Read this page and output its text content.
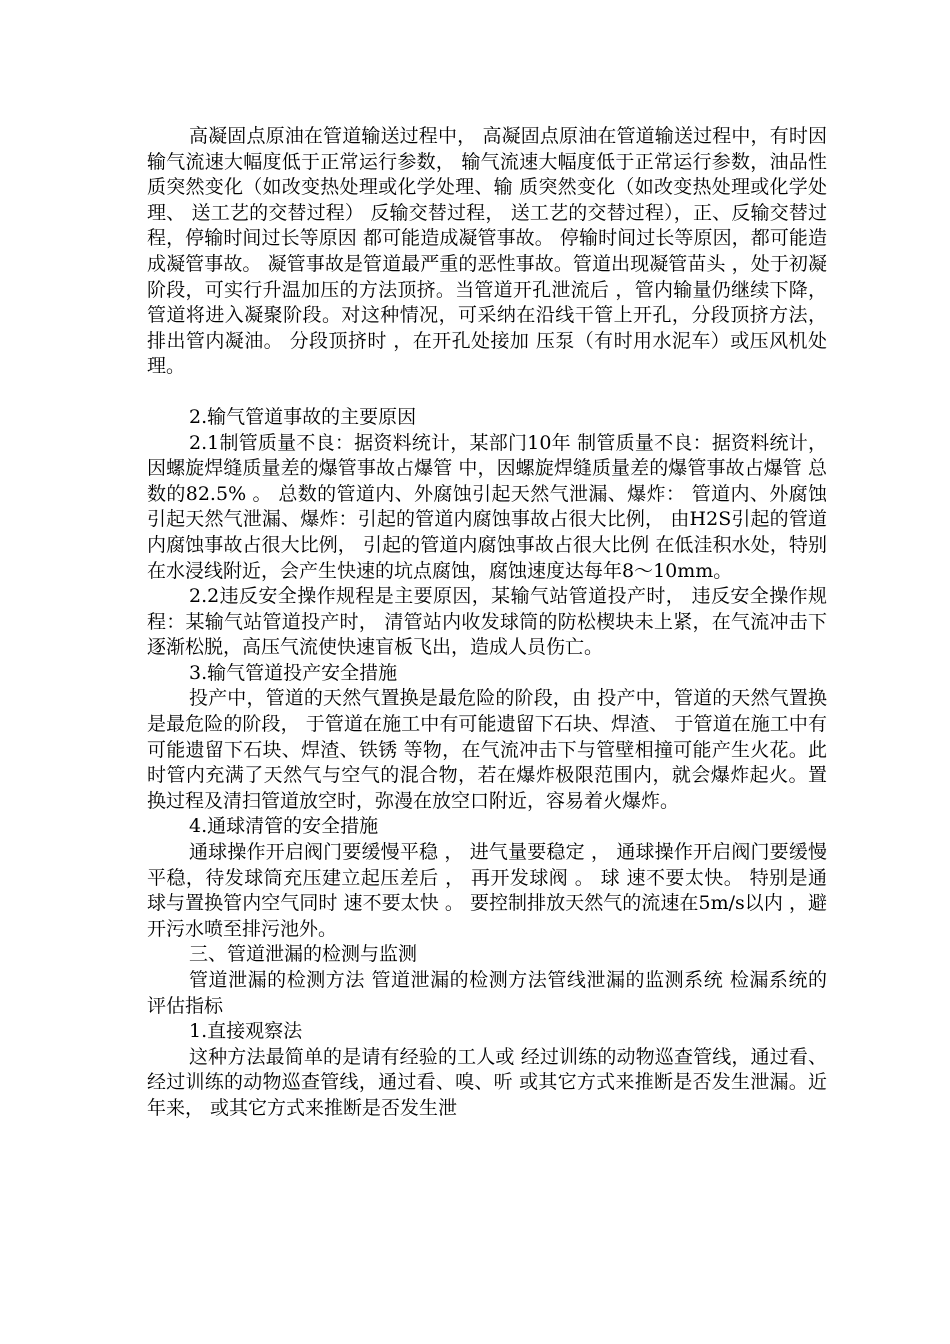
高凝固点原油在管道输送过程中， 高凝固点原油在管道输送过程中，有时因 输气流速大幅度低于正常运行参数， 输气流速大幅度低于正常运行参数，油品性 质突然变化（如改变热处理或化学处理、输 质突然变化（如改变热处理或化学处理、 送工艺的交替过程） 反输交替过程， 送工艺的交替过程），正、反输交替过程，停输时间过长等原因 都可能造成凝管事故。 停输时间过长等原因，都可能造成凝管事故。 凝管事故是管道最严重的恶性事故。管道出现凝管苗头 ，处于初凝阶段，可实行升温加压的方法顶挤。当管道开孔泄流后 ，管内输量仍继续下降，管道将进入凝聚阶段。对这种情况，可采纳在沿线干管上开孔，分段顶挤方法，排出管内凝油。 分段顶挤时 ，在开孔处接加 压泵（有时用水泥车）或压风机处理。

2.输气管道事故的主要原因

2.1制管质量不良：据资料统计，某部门10年 制管质量不良：据资料统计，因螺旋焊缝质量差的爆管事故占爆管 中，因螺旋焊缝质量差的爆管事故占爆管 总数的82.5% 。 总数的管道内、外腐蚀引起天然气泄漏、爆炸： 管道内、外腐蚀引起天然气泄漏、爆炸：引起的管道内腐蚀事故占很大比例， 由H2S引起的管道内腐蚀事故占很大比例， 引起的管道内腐蚀事故占很大比例 在低洼积水处，特别在水浸线附近，会产生快速的坑点腐蚀，腐蚀速度达每年8～10mm。

2.2违反安全操作规程是主要原因，某输气站管道投产时， 违反安全操作规程：某输气站管道投产时， 清管站内收发球筒的防松楔块未上紧，在气流冲击下逐渐松脱，高压气流使快速盲板飞出，造成人员伤亡。

3.输气管道投产安全措施

投产中，管道的天然气置换是最危险的阶段，由 投产中，管道的天然气置换是最危险的阶段， 于管道在施工中有可能遗留下石块、焊渣、 于管道在施工中有可能遗留下石块、焊渣、铁锈 等物，在气流冲击下与管壁相撞可能产生火花。此时管内充满了天然气与空气的混合物，若在爆炸极限范围内，就会爆炸起火。置换过程及清扫管道放空时，弥漫在放空口附近，容易着火爆炸。

4.通球清管的安全措施

通球操作开启阀门要缓慢平稳 ， 进气量要稳定 ， 通球操作开启阀门要缓慢平稳，待发球筒充压建立起压差后 ， 再开发球阀 。 球 速不要太快。 特别是通球与置换管内空气同时 速不要太快 。 要控制排放天然气的流速在5m/s以内 ，避开污水喷至排污池外。

三、管道泄漏的检测与监测

管道泄漏的检测方法 管道泄漏的检测方法管线泄漏的监测系统 检漏系统的评估指标

1.直接观察法

这种方法最简单的是请有经验的工人或 经过训练的动物巡查管线，通过看、 经过训练的动物巡查管线，通过看、嗅、听 或其它方式来推断是否发生泄漏。近年来， 或其它方式来推断是否发生泄
